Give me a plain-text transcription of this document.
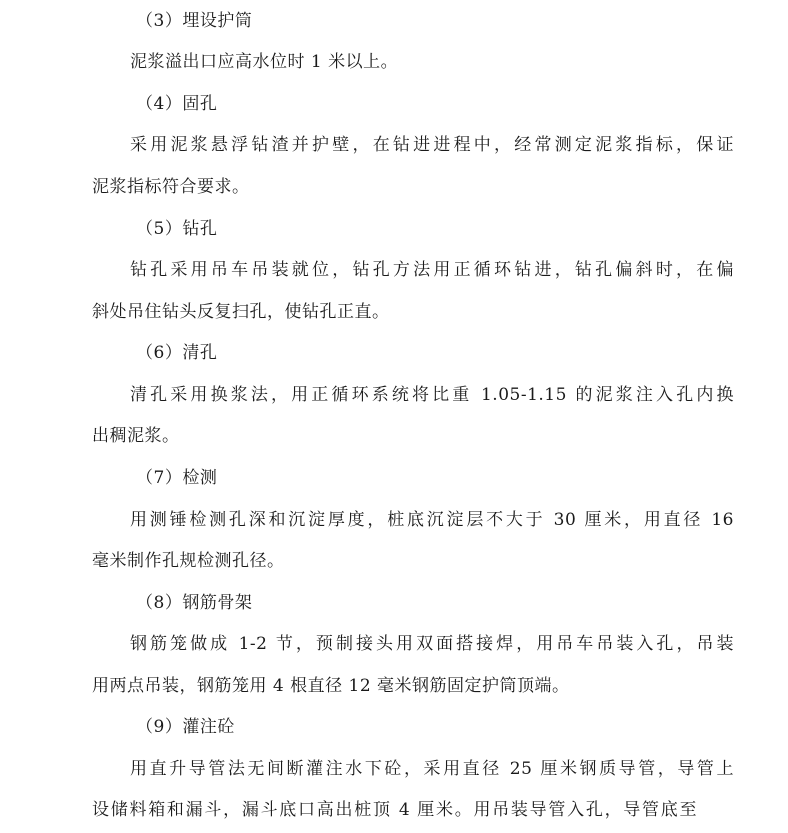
（3）埋设护筒
泥浆溢出口应高水位时 1 米以上。
（4）固孔
采用泥浆悬浮钻渣并护壁，在钻进进程中，经常测定泥浆指标，保证
泥浆指标符合要求。
（5）钻孔
钻孔采用吊车吊装就位，钻孔方法用正循环钻进，钻孔偏斜时，在偏
斜处吊住钻头反复扫孔，使钻孔正直。
（6）清孔
清孔采用换浆法，用正循环系统将比重 1.05-1.15 的泥浆注入孔内换
出稠泥浆。
（7）检测
用测锤检测孔深和沉淀厚度，桩底沉淀层不大于 30 厘米，用直径 16
毫米制作孔规检测孔径。
（8）钢筋骨架
钢筋笼做成 1-2 节，预制接头用双面搭接焊，用吊车吊装入孔，吊装
用两点吊装，钢筋笼用 4 根直径 12 毫米钢筋固定护筒顶端。
（9）灌注砼
用直升导管法无间断灌注水下砼，采用直径 25 厘米钢质导管，导管上
设储料箱和漏斗，漏斗底口高出桩顶 4 厘米。用吊装导管入孔，导管底至
